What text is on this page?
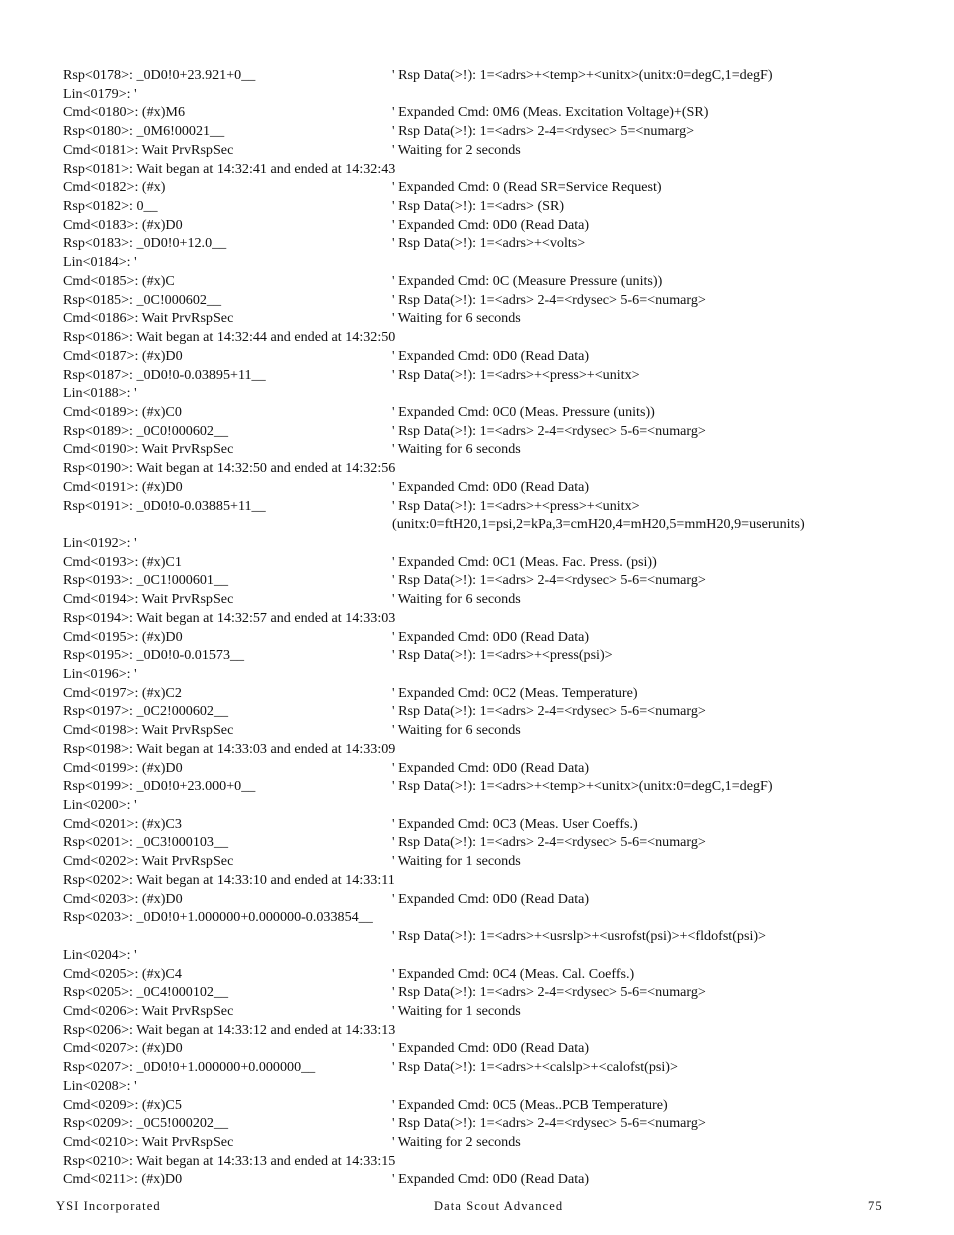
Rsp<0178>: _0D0!0+23.921+0__	' Rsp Data(>!): 1=<adrs>+<temp>+<unitx>(unitx:0=degC,1=degF)
Lin<0179>: '
Cmd<0180>: (#x)M6	' Expanded Cmd: 0M6 (Meas. Excitation Voltage)+(SR)
Rsp<0180>: _0M6!00021__	' Rsp Data(>!): 1=<adrs> 2-4=<rdysec> 5=<numarg>
Cmd<0181>: Wait PrvRspSec	' Waiting for 2 seconds
Rsp<0181>: Wait began at 14:32:41 and ended at 14:32:43
Cmd<0182>: (#x)	' Expanded Cmd: 0 (Read SR=Service Request)
Rsp<0182>: 0__	' Rsp Data(>!): 1=<adrs> (SR)
Cmd<0183>: (#x)D0	' Expanded Cmd: 0D0 (Read Data)
Rsp<0183>: _0D0!0+12.0__	' Rsp Data(>!): 1=<adrs>+<volts>
Lin<0184>: '
Cmd<0185>: (#x)C	' Expanded Cmd: 0C (Measure Pressure (units))
Rsp<0185>: _0C!000602__	' Rsp Data(>!): 1=<adrs> 2-4=<rdysec> 5-6=<numarg>
Cmd<0186>: Wait PrvRspSec	' Waiting for 6 seconds
Rsp<0186>: Wait began at 14:32:44 and ended at 14:32:50
Cmd<0187>: (#x)D0	' Expanded Cmd: 0D0 (Read Data)
Rsp<0187>: _0D0!0-0.03895+11__	' Rsp Data(>!): 1=<adrs>+<press>+<unitx>
Lin<0188>: '
Cmd<0189>: (#x)C0	' Expanded Cmd: 0C0 (Meas. Pressure (units))
Rsp<0189>: _0C0!000602__	' Rsp Data(>!): 1=<adrs> 2-4=<rdysec> 5-6=<numarg>
Cmd<0190>: Wait PrvRspSec	' Waiting for 6 seconds
Rsp<0190>: Wait began at 14:32:50 and ended at 14:32:56
Cmd<0191>: (#x)D0	' Expanded Cmd: 0D0 (Read Data)
Rsp<0191>: _0D0!0-0.03885+11__	' Rsp Data(>!): 1=<adrs>+<press>+<unitx>
(unitx:0=ftH20,1=psi,2=kPa,3=cmH20,4=mH20,5=mmH20,9=userunits)
Lin<0192>: '
Cmd<0193>: (#x)C1	' Expanded Cmd: 0C1 (Meas. Fac. Press. (psi))
Rsp<0193>: _0C1!000601__	' Rsp Data(>!): 1=<adrs> 2-4=<rdysec> 5-6=<numarg>
Cmd<0194>: Wait PrvRspSec	' Waiting for 6 seconds
Rsp<0194>: Wait began at 14:32:57 and ended at 14:33:03
Cmd<0195>: (#x)D0	' Expanded Cmd: 0D0 (Read Data)
Rsp<0195>: _0D0!0-0.01573__	' Rsp Data(>!): 1=<adrs>+<press(psi)>
Lin<0196>: '
Cmd<0197>: (#x)C2	' Expanded Cmd: 0C2 (Meas. Temperature)
Rsp<0197>: _0C2!000602__	' Rsp Data(>!): 1=<adrs> 2-4=<rdysec> 5-6=<numarg>
Cmd<0198>: Wait PrvRspSec	' Waiting for 6 seconds
Rsp<0198>: Wait began at 14:33:03 and ended at 14:33:09
Cmd<0199>: (#x)D0	' Expanded Cmd: 0D0 (Read Data)
Rsp<0199>: _0D0!0+23.000+0__	' Rsp Data(>!): 1=<adrs>+<temp>+<unitx>(unitx:0=degC,1=degF)
Lin<0200>: '
Cmd<0201>: (#x)C3	' Expanded Cmd: 0C3 (Meas. User Coeffs.)
Rsp<0201>: _0C3!000103__	' Rsp Data(>!): 1=<adrs> 2-4=<rdysec> 5-6=<numarg>
Cmd<0202>: Wait PrvRspSec	' Waiting for 1 seconds
Rsp<0202>: Wait began at 14:33:10 and ended at 14:33:11
Cmd<0203>: (#x)D0	' Expanded Cmd: 0D0 (Read Data)
Rsp<0203>: _0D0!0+1.000000+0.000000-0.033854__
' Rsp Data(>!): 1=<adrs>+<usrslp>+<usrofst(psi)>+<fldofst(psi)>
Lin<0204>: '
Cmd<0205>: (#x)C4	' Expanded Cmd: 0C4 (Meas. Cal. Coeffs.)
Rsp<0205>: _0C4!000102__	' Rsp Data(>!): 1=<adrs> 2-4=<rdysec> 5-6=<numarg>
Cmd<0206>: Wait PrvRspSec	' Waiting for 1 seconds
Rsp<0206>: Wait began at 14:33:12 and ended at 14:33:13
Cmd<0207>: (#x)D0	' Expanded Cmd: 0D0 (Read Data)
Rsp<0207>: _0D0!0+1.000000+0.000000__	' Rsp Data(>!): 1=<adrs>+<calslp>+<calofst(psi)>
Lin<0208>: '
Cmd<0209>: (#x)C5	' Expanded Cmd: 0C5 (Meas..PCB Temperature)
Rsp<0209>: _0C5!000202__	' Rsp Data(>!): 1=<adrs> 2-4=<rdysec> 5-6=<numarg>
Cmd<0210>: Wait PrvRspSec	' Waiting for 2 seconds
Rsp<0210>: Wait began at 14:33:13 and ended at 14:33:15
Cmd<0211>: (#x)D0	' Expanded Cmd: 0D0 (Read Data)
YSI Incorporated	Data Scout Advanced	75
